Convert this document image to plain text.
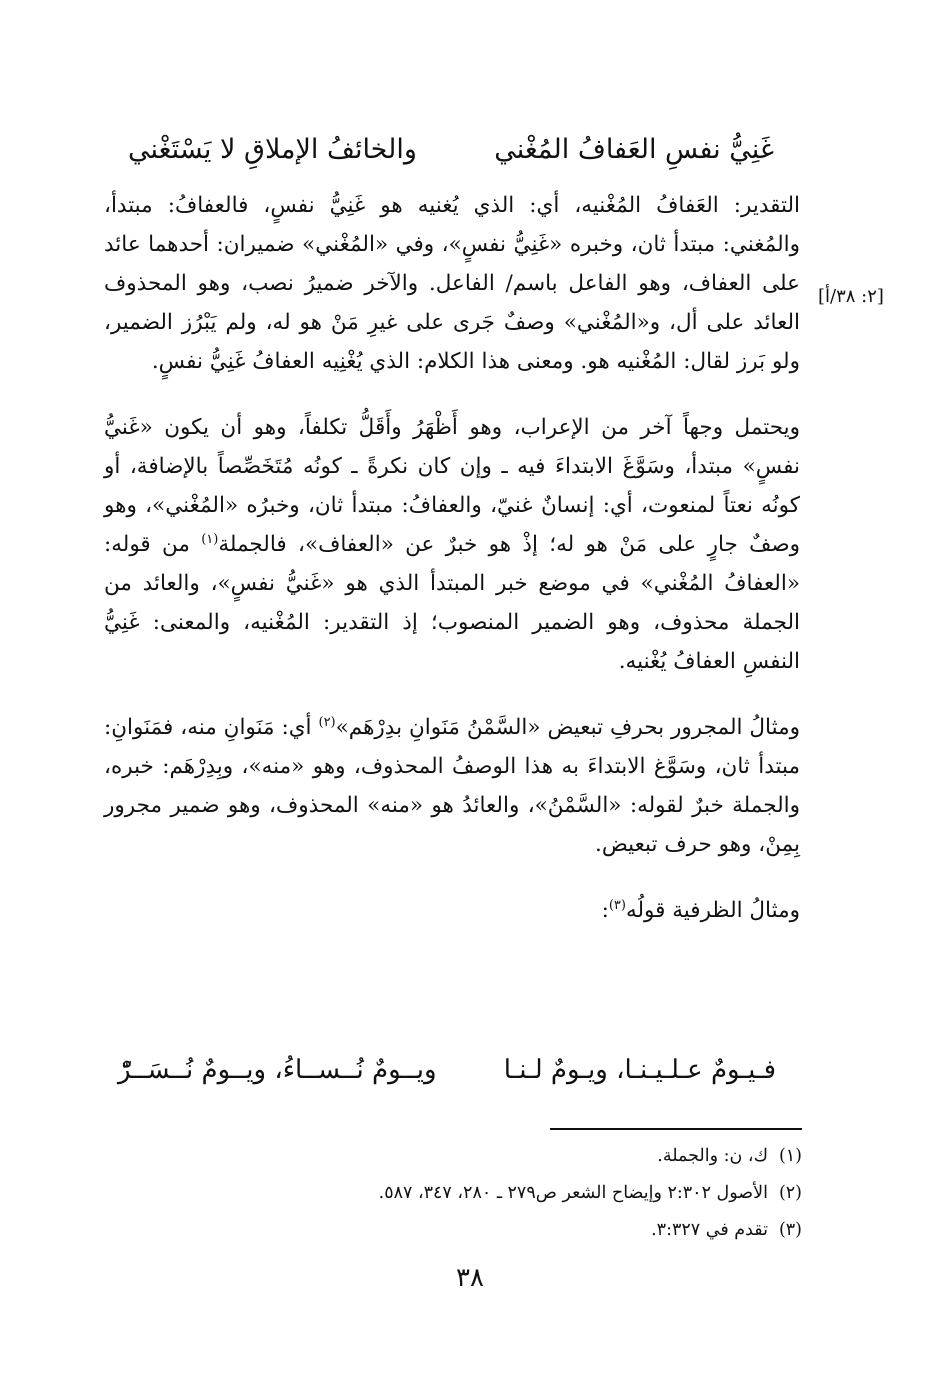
غَنِيُّ نفسِ العَفافُ المُغْني
والخائفُ الإملاقِ لا يَسْتَغْني
[٢: ٣٨/أ]

التقدير: العَفافُ المُغْنيه، أي: الذي يُغنيه هو غَنِيُّ نفسٍ، فالعفافُ: مبتدأ، والمُغني: مبتدأ ثان، وخبره «غَنِيُّ نفسٍ»، وفي «المُغْني» ضميران: أحدهما عائد على العفاف، وهو الفاعل باسم/ الفاعل. والآخر ضميرُ نصب، وهو المحذوف العائد على أل، و«المُغْني» وصفٌ جَرى على غيرِ مَنْ هو له، ولم يَبْرُز الضمير، ولو بَرز لقال: المُغْنيه هو. ومعنى هذا الكلام: الذي يُغْنِيه العفافُ غَنِيُّ نفسٍ.

ويحتمل وجهاً آخر من الإعراب، وهو أَظْهَرُ وأَقَلُّ تكلفاً، وهو أن يكون «غَنيُّ نفسٍ» مبتدأ، وسَوَّغَ الابتداءَ فيه ـ وإن كان نكرةً ـ كونُه مُتَخَصِّصاً بالإضافة، أو كونُه نعتاً لمنعوت، أي: إنسانٌ غنيّ، والعفافُ: مبتدأ ثان، وخبرُه «المُغْني»، وهو وصفٌ جارٍ على مَنْ هو له؛ إذْ هو خبرٌ عن «العفاف»، فالجملة$^{(١)}$ من قوله: «العفافُ المُغْني» في موضع خبر المبتدأ الذي هو «غَنيُّ نفسٍ»، والعائد من الجملة محذوف، وهو الضمير المنصوب؛ إذ التقدير: المُغْنيه، والمعنى: غَنِيُّ النفسِ العفافُ يُغْنيه.

ومثالُ المجرور بحرفِ تبعيض «السَّمْنُ مَنَوانِ بدِرْهَم»$^{(٢)}$ أي: مَنَوانِ منه، فمَنَوانِ: مبتدأ ثان، وسَوَّغ الابتداءَ به هذا الوصفُ المحذوف، وهو «منه»، وبِدِرْهَم: خبره، والجملة خبرٌ لقوله: «السَّمْنُ»، والعائدُ هو «منه» المحذوف، وهو ضمير مجرور بِمِنْ، وهو حرف تبعيض.

ومثالُ الظرفية قولُه$^{(٣)}$:

فـيـومٌ عـلـيـنـا، ويـومٌ لـنـا
ويــومٌ نُــســاءُ، ويــومٌ نُــسَــرّْ
(١)ك، ن: والجملة.
(٢)الأصول ٢:٣٠٢ وإيضاح الشعر ص٢٧٩ ـ ٢٨٠، ٣٤٧، ٥٨٧.
(٣)تقدم في ٣:٣٢٧.
٣٨
